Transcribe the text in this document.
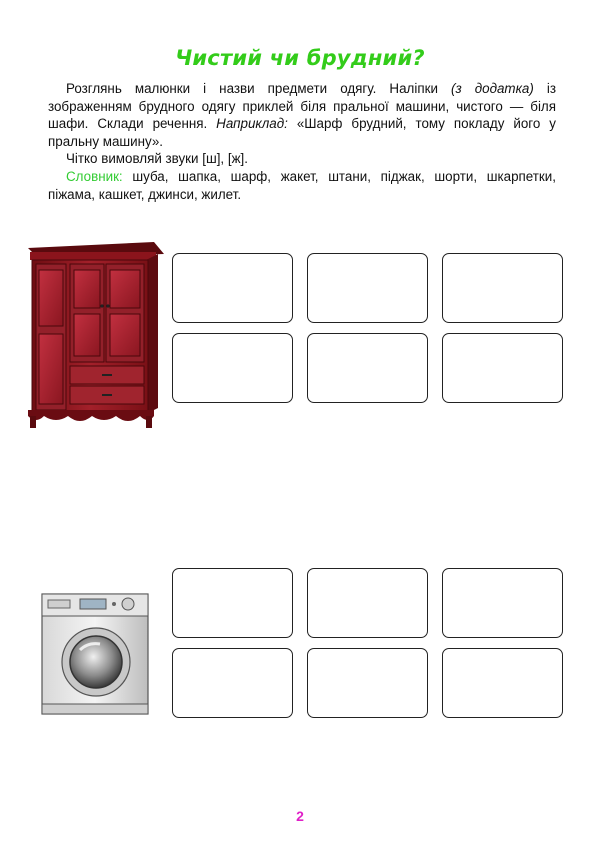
Чистий чи брудний?

Розглянь малюнки і назви предмети одягу. Наліпки (з додатка) із зображенням брудного одягу приклей біля пральної машини, чистого — біля шафи. Склади речення. Наприклад: «Шарф брудний, тому покладу його у пральну машину».

Чітко вимовляй звуки [ш], [ж].

Словник: шуба, шапка, шарф, жакет, штани, піджак, шорти, шкарпетки, піжама, кашкет, джинси, жилет.

2
